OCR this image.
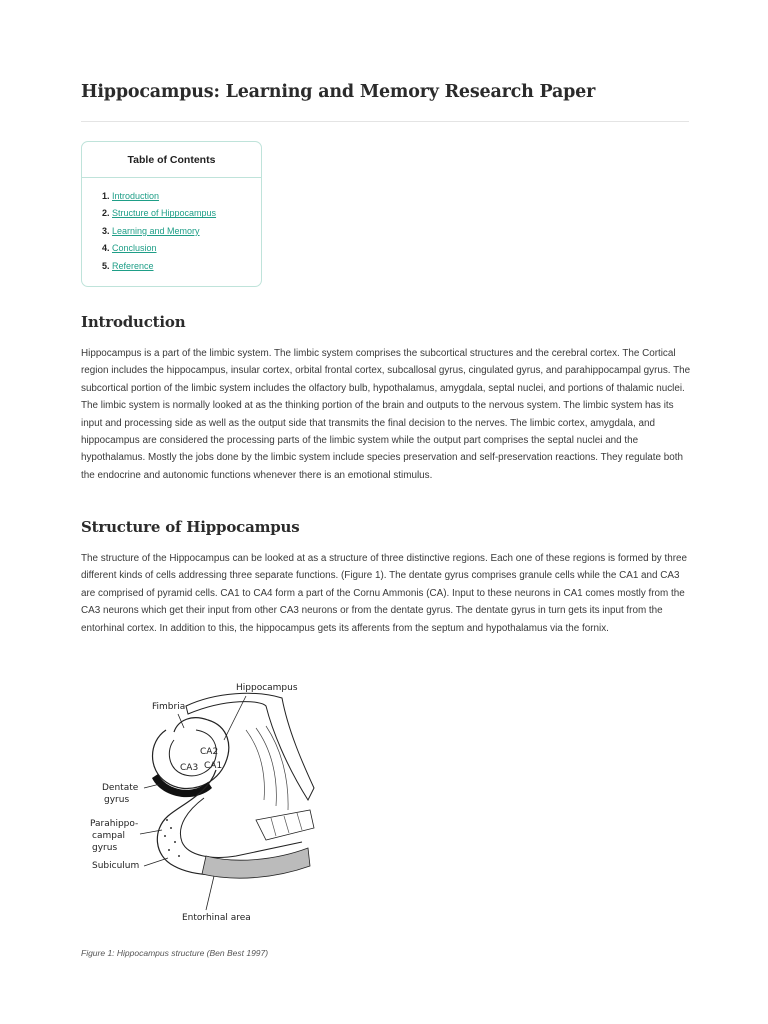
Hippocampus: Learning and Memory Research Paper
Table of Contents
1. Introduction
2. Structure of Hippocampus
3. Learning and Memory
4. Conclusion
5. Reference
Introduction

Hippocampus is a part of the limbic system. The limbic system comprises the subcortical structures and the cerebral cortex. The Cortical region includes the hippocampus, insular cortex, orbital frontal cortex, subcallosal gyrus, cingulated gyrus, and parahippocampal gyrus. The subcortical portion of the limbic system includes the olfactory bulb, hypothalamus, amygdala, septal nuclei, and portions of thalamic nuclei. The limbic system is normally looked at as the thinking portion of the brain and outputs to the nervous system. The limbic system has its input and processing side as well as the output side that transmits the final decision to the nerves. The limbic cortex, amygdala, and hippocampus are considered the processing parts of the limbic system while the output part comprises the septal nuclei and the hypothalamus. Mostly the jobs done by the limbic system include species preservation and self-preservation reactions. They regulate both the endocrine and autonomic functions whenever there is an emotional stimulus.

Structure of Hippocampus

The structure of the Hippocampus can be looked at as a structure of three distinctive regions. Each one of these regions is formed by three different kinds of cells addressing three separate functions. (Figure 1). The dentate gyrus comprises granule cells while the CA1 and CA3 are comprised of pyramid cells. CA1 to CA4 form a part of the Cornu Ammonis (CA). Input to these neurons in CA1 comes mostly from the CA3 neurons which get their input from other CA3 neurons or from the dentate gyrus. The dentate gyrus in turn gets its input from the entorhinal cortex. In addition to this, the hippocampus gets its afferents from the septum and hypothalamus via the fornix.

Hippocampus
Fimbria
CA2
CA3 CA1
Dentate
gyrus
Parahippo-
campal
gyrus
Subiculum
Entorhinal area

Figure 1: Hippocampus structure (Ben Best 1997)
